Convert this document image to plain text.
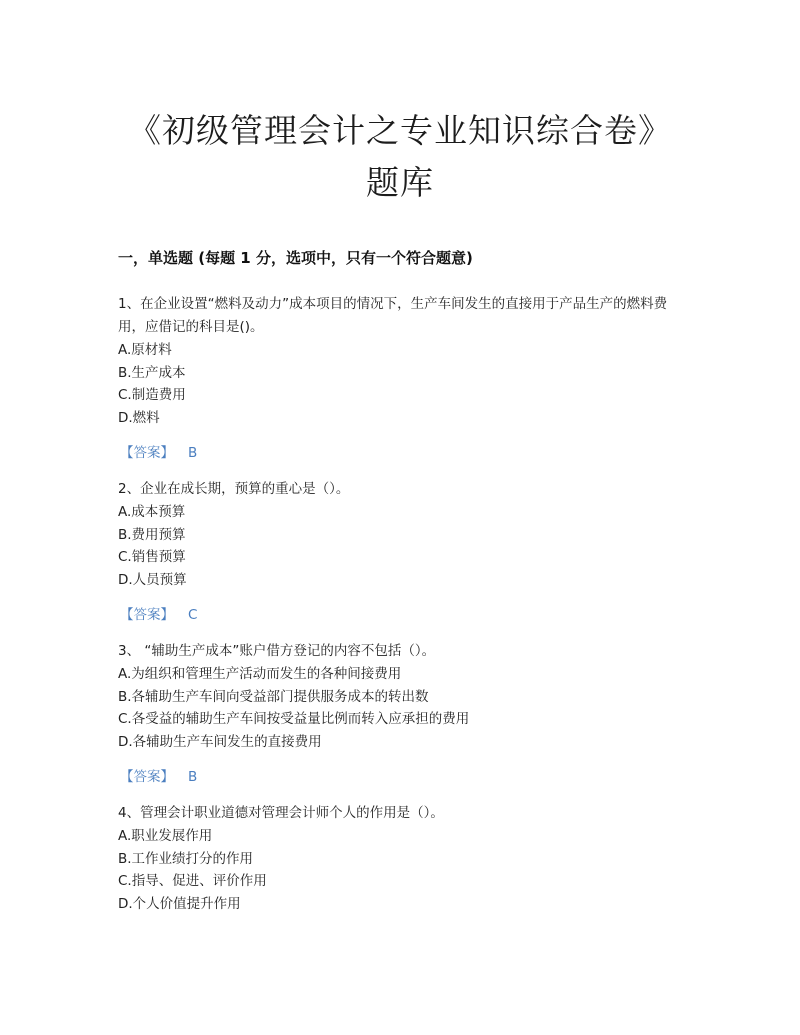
《初级管理会计之专业知识综合卷》
题库
一，单选题 (每题 1 分，选项中，只有一个符合题意)
1、在企业设置“燃料及动力”成本项目的情况下，生产车间发生的直接用于产品生产的燃料费用，应借记的科目是()。
A.原材料
B.生产成本
C.制造费用
D.燃料
【答案】 B
2、企业在成长期，预算的重心是（）。
A.成本预算
B.费用预算
C.销售预算
D.人员预算
【答案】 C
3、 “辅助生产成本”账户借方登记的内容不包括（）。
A.为组织和管理生产活动而发生的各种间接费用
B.各辅助生产车间向受益部门提供服务成本的转出数
C.各受益的辅助生产车间按受益量比例而转入应承担的费用
D.各辅助生产车间发生的直接费用
【答案】 B
4、管理会计职业道德对管理会计师个人的作用是（）。
A.职业发展作用
B.工作业绩打分的作用
C.指导、促进、评价作用
D.个人价值提升作用
